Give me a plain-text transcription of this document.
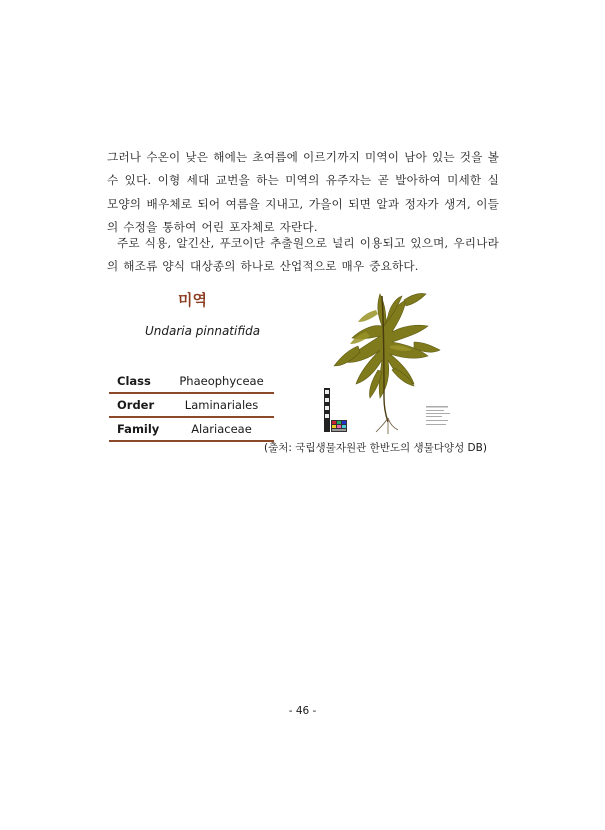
그러나 수온이 낮은 해에는 초여름에 이르기까지 미역이 남아 있는 것을 볼 수 있다. 이형 세대 교번을 하는 미역의 유주자는 곧 발아하여 미세한 실 모양의 배우체로 되어 여름을 지내고, 가을이 되면 알과 정자가 생겨, 이들의 수정을 통하여 어린 포자체로 자란다.

주로 식용, 알긴산, 푸코이단 추출원으로 널리 이용되고 있으며, 우리나라의 해조류 양식 대상종의 하나로 산업적으로 매우 중요하다.

미역
Undaria pinnatifida
Class	Phaeophyceae
Order	Laminariales
Family	Alariaceae
(출처: 국립생물자원관 한반도의 생물다양성 DB)
- 46 -
